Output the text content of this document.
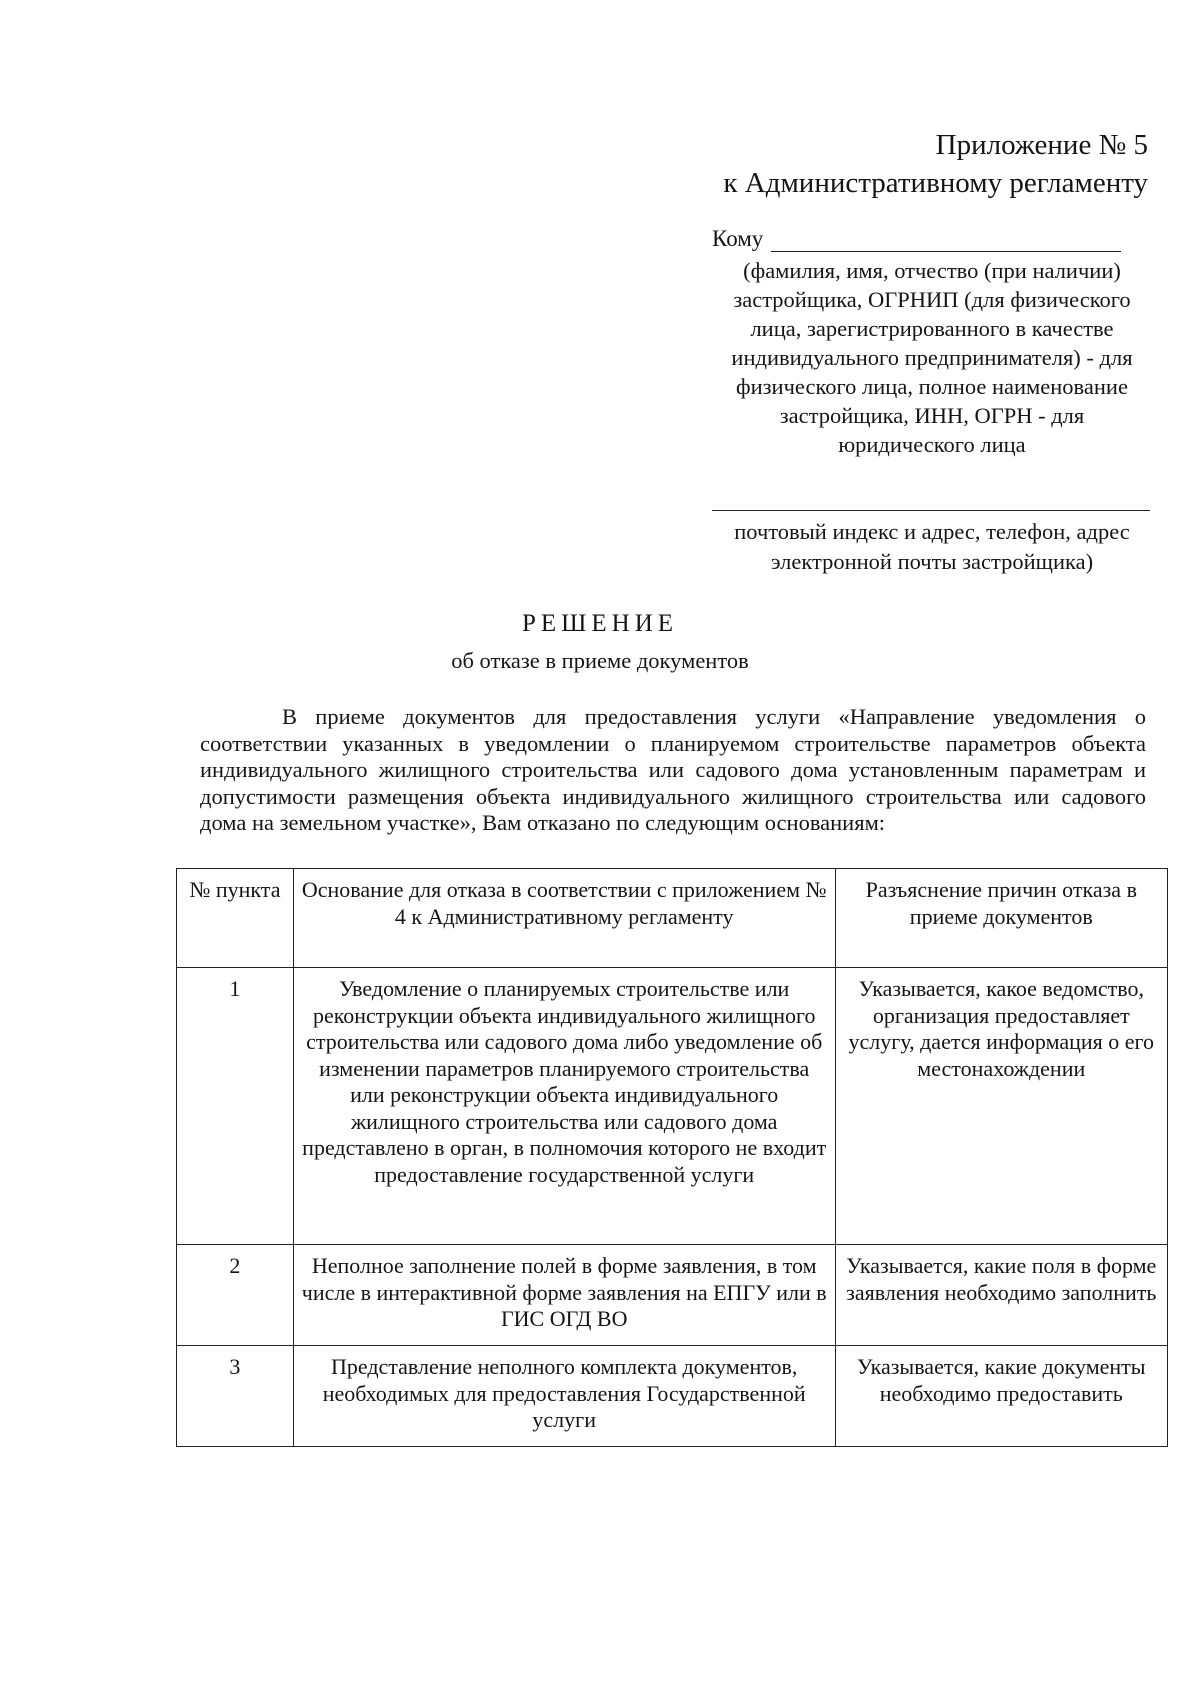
Приложение № 5
к Административному регламенту
Кому
(фамилия, имя, отчество (при наличии) застройщика, ОГРНИП (для физического лица, зарегистрированного в качестве индивидуального предпринимателя) - для физического лица, полное наименование застройщика, ИНН, ОГРН - для юридического лица
почтовый индекс и адрес, телефон, адрес электронной почты застройщика)
РЕШЕНИЕ
об отказе в приеме документов
В приеме документов для предоставления услуги «Направление уведомления о соответствии указанных в уведомлении о планируемом строительстве параметров объекта индивидуального жилищного строительства или садового дома установленным параметрам и допустимости размещения объекта индивидуального жилищного строительства или садового дома на земельном участке», Вам отказано по следующим основаниям:
№ пункта	Основание для отказа в соответствии с приложением № 4 к Административному регламенту	Разъяснение причин отказа в приеме документов
1	Уведомление о планируемых строительстве или реконструкции объекта индивидуального жилищного строительства или садового дома либо уведомление об изменении параметров планируемого строительства или реконструкции объекта индивидуального жилищного строительства или садового дома представлено в орган, в полномочия которого не входит предоставление государственной услуги	Указывается, какое ведомство, организация предоставляет услугу, дается информация о его местонахождении
2	Неполное заполнение полей в форме заявления, в том числе в интерактивной форме заявления на ЕПГУ или в ГИС ОГД ВО	Указывается, какие поля в форме заявления необходимо заполнить
3	Представление неполного комплекта документов, необходимых для предоставления Государственной услуги	Указывается, какие документы необходимо предоставить
